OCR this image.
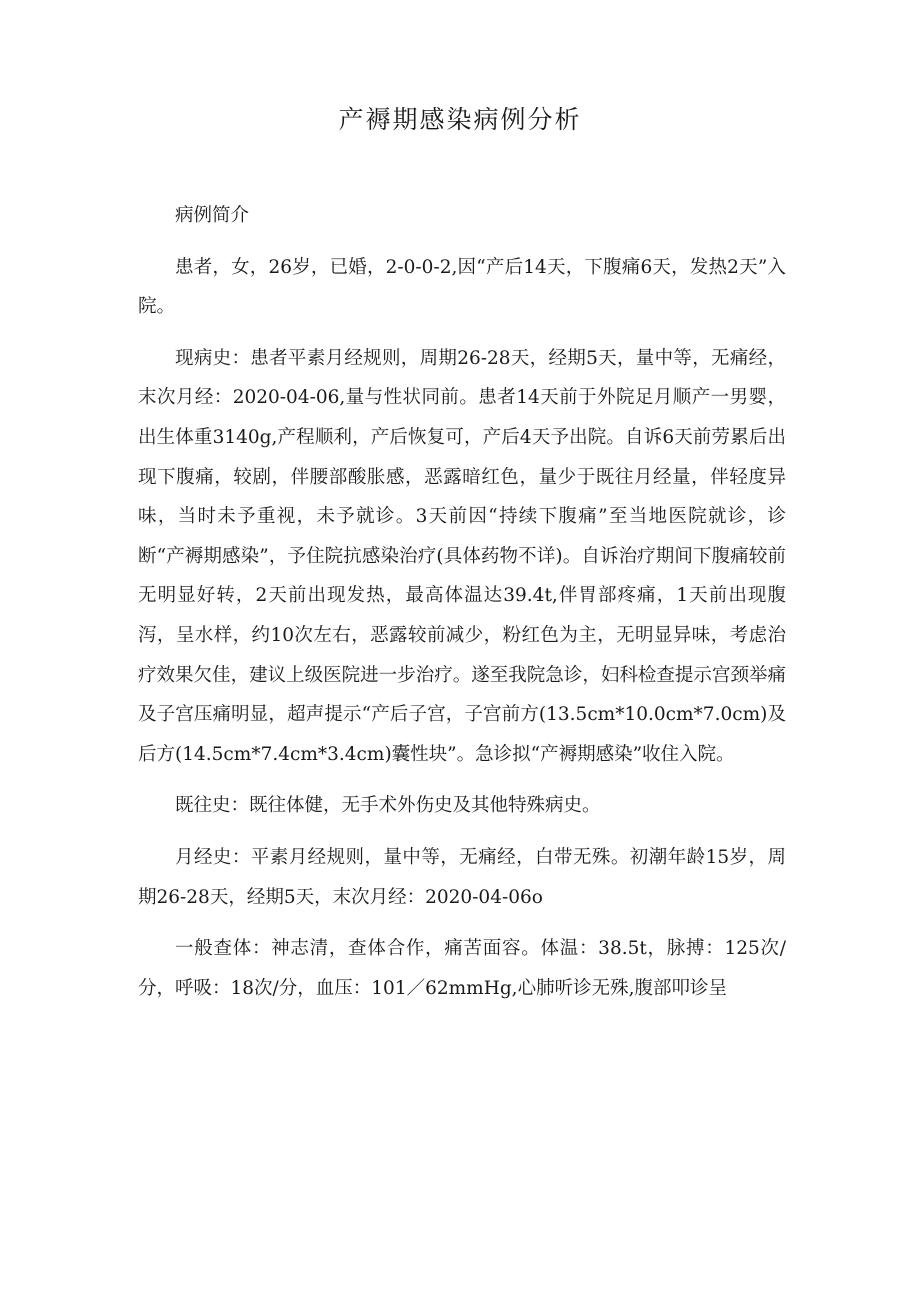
产褥期感染病例分析

病例简介

患者，女，26岁，已婚，2-0-0-2,因“产后14天，下腹痛6天，发热2天”入院。

现病史：患者平素月经规则，周期26-28天，经期5天，量中等，无痛经，末次月经：2020-04-06,量与性状同前。患者14天前于外院足月顺产一男婴，出生体重3140g,产程顺利，产后恢复可，产后4天予出院。自诉6天前劳累后出现下腹痛，较剧，伴腰部酸胀感，恶露暗红色，量少于既往月经量，伴轻度异味，当时未予重视，未予就诊。3天前因“持续下腹痛”至当地医院就诊，诊断“产褥期感染”，予住院抗感染治疗(具体药物不详)。自诉治疗期间下腹痛较前无明显好转，2天前出现发热，最高体温达39.4t,伴胃部疼痛，1天前出现腹泻，呈水样，约10次左右，恶露较前减少，粉红色为主，无明显异味，考虑治疗效果欠佳，建议上级医院进一步治疗。遂至我院急诊，妇科检查提示宫颈举痛及子宫压痛明显，超声提示“产后子宫，子宫前方(13.5cm*10.0cm*7.0cm)及后方(14.5cm*7.4cm*3.4cm)囊性块”。急诊拟“产褥期感染”收住入院。

既往史：既往体健，无手术外伤史及其他特殊病史。

月经史：平素月经规则，量中等，无痛经，白带无殊。初潮年龄15岁，周期26-28天，经期5天，末次月经：2020-04-06o

一般查体：神志清，查体合作，痛苦面容。体温：38.5t，脉搏：125次/分，呼吸：18次/分，血压：101／62mmHg,心肺听诊无殊,腹部叩诊呈
